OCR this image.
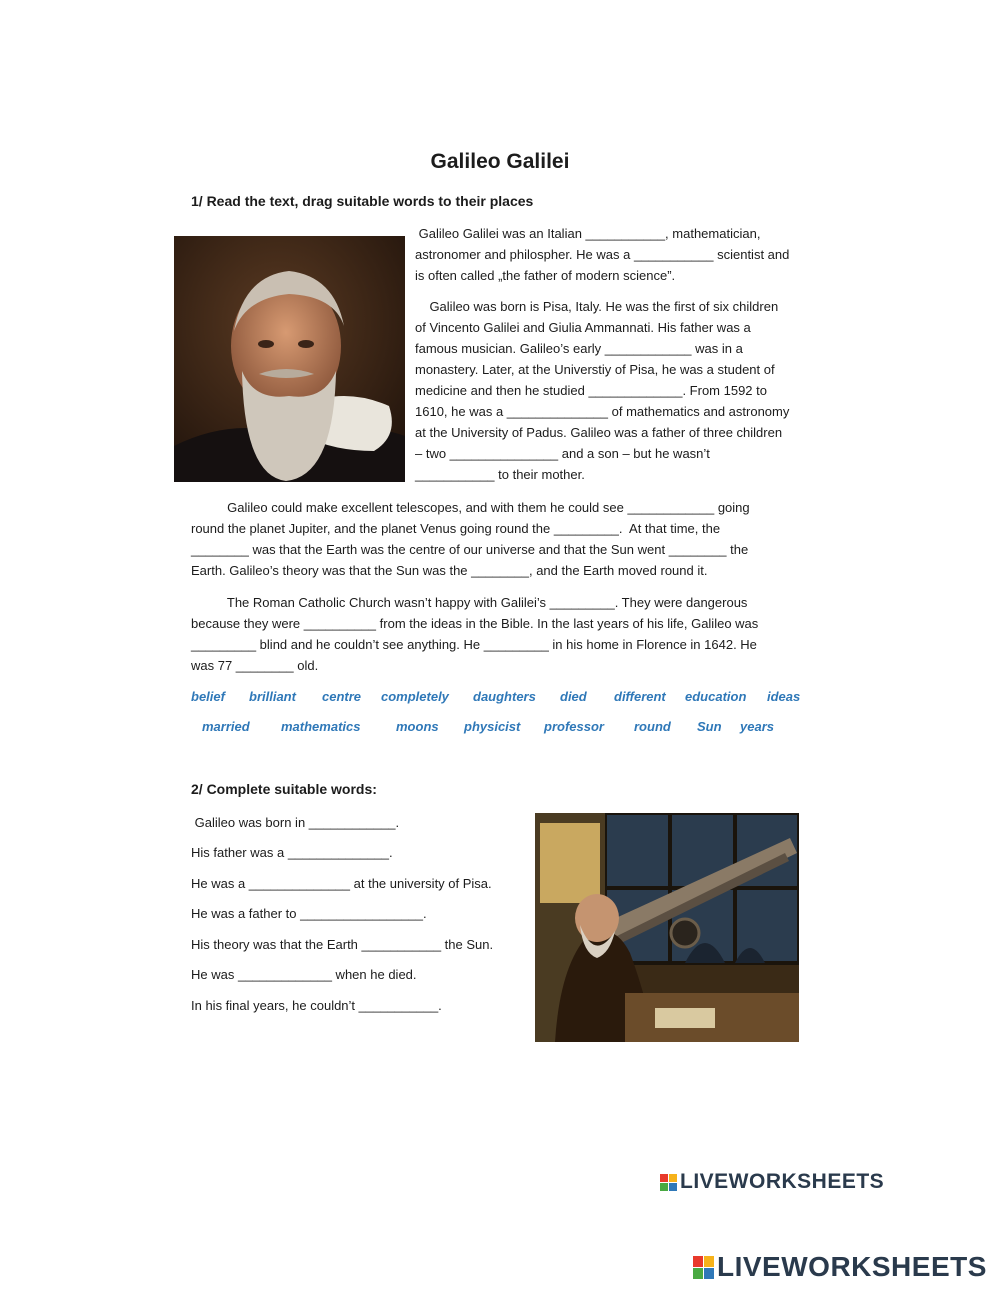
Galileo Galilei
1/ Read the text, drag suitable words to their places
Galileo Galilei was an Italian ___________, mathematician,
astronomer and philospher. He was a ___________ scientist and
is often called „the father of modern science”.
Galileo was born is Pisa, Italy. He was the first of six children
of Vincento Galilei and Giulia Ammannati. His father was a
famous musician. Galileo’s early ____________ was in a
monastery. Later, at the Universtiy of Pisa, he was a student of
medicine and then he studied _____________. From 1592 to
1610, he was a ______________ of mathematics and astronomy
at the University of Padus. Galileo was a father of three children
– two _______________ and a son – but he wasn’t
___________ to their mother.
Galileo could make excellent telescopes, and with them he could see ____________ going
round the planet Jupiter, and the planet Venus going round the _________.  At that time, the
________ was that the Earth was the centre of our universe and that the Sun went ________ the
Earth. Galileo’s theory was that the Sun was the ________, and the Earth moved round it.
The Roman Catholic Church wasn’t happy with Galilei’s _________. They were dangerous
because they were __________ from the ideas in the Bible. In the last years of his life, Galileo was
_________ blind and he couldn’t see anything. He _________ in his home in Florence in 1642. He
was 77 ________ old.
belief brilliant centre completely daughters died different education ideas
married mathematics	moons physicist professor round Sun years
2/ Complete suitable words:
Galileo was born in ____________.
His father was a ______________.
He was a ______________ at the university of Pisa.
He was a father to _________________.
His theory was that the Earth ___________ the Sun.
He was _____________ when he died.
In his final years, he couldn’t ___________.
LIVEWORKSHEETS
LIVEWORKSHEETS
